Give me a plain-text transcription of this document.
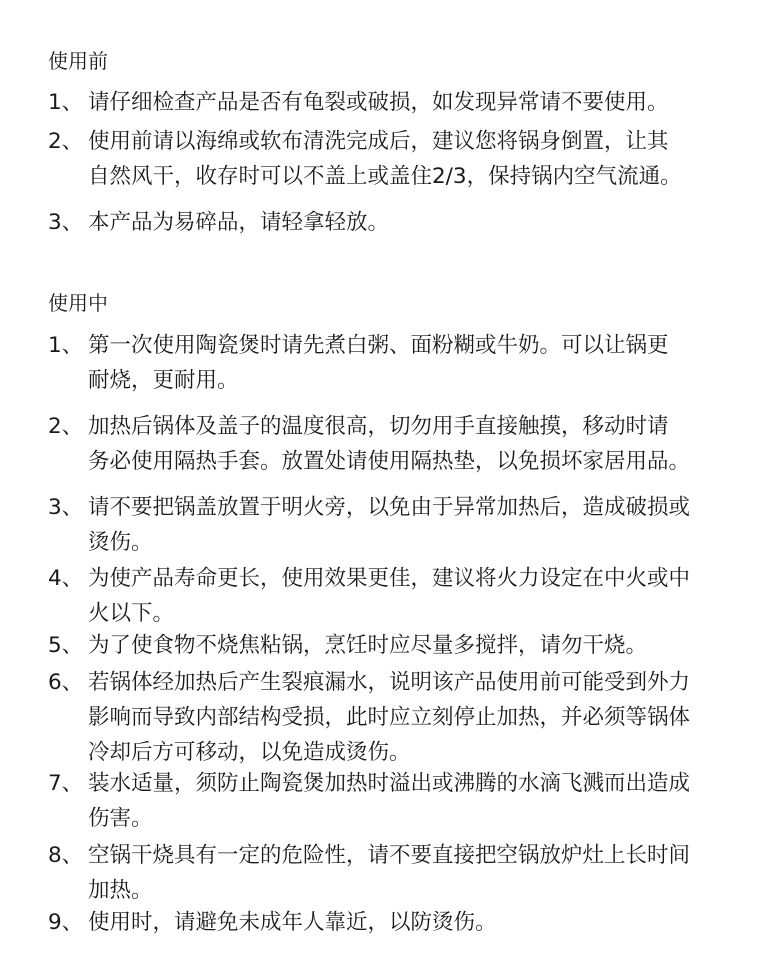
使用前
1、 请仔细检查产品是否有龟裂或破损，如发现异常请不要使用。
2、 使用前请以海绵或软布清洗完成后，建议您将锅身倒置，让其
自然风干，收存时可以不盖上或盖住2/3，保持锅内空气流通。
3、 本产品为易碎品，请轻拿轻放。
使用中
1、 第一次使用陶瓷煲时请先煮白粥、面粉糊或牛奶。可以让锅更
耐烧，更耐用。
2、 加热后锅体及盖子的温度很高，切勿用手直接触摸，移动时请
务必使用隔热手套。放置处请使用隔热垫，以免损坏家居用品。
3、 请不要把锅盖放置于明火旁，以免由于异常加热后，造成破损或
烫伤。
4、 为使产品寿命更长，使用效果更佳，建议将火力设定在中火或中
火以下。
5、 为了使食物不烧焦粘锅，烹饪时应尽量多搅拌，请勿干烧。
6、 若锅体经加热后产生裂痕漏水，说明该产品使用前可能受到外力
影响而导致内部结构受损，此时应立刻停止加热，并必须等锅体
冷却后方可移动，以免造成烫伤。
7、 装水适量，须防止陶瓷煲加热时溢出或沸腾的水滴飞溅而出造成
伤害。
8、 空锅干烧具有一定的危险性，请不要直接把空锅放炉灶上长时间
加热。
9、 使用时，请避免未成年人靠近，以防烫伤。
